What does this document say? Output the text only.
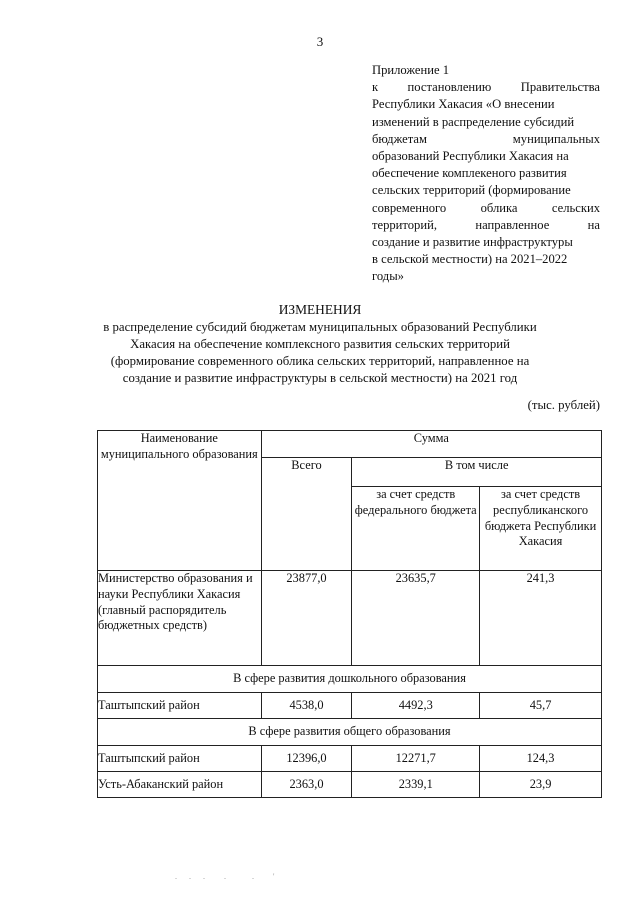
3
Приложение 1
к постановлению Правительства
Республики Хакасия «О внесении
изменений в распределение субсидий
бюджетам муниципальных
образований Республики Хакасия на
обеспечение комплекеного развития
сельских территорий (формирование
современного облика сельских
территорий, направленное на
создание и развитие инфраструктуры
в сельской местности) на 2021–2022
годы»
ИЗМЕНЕНИЯ
в распределение субсидий бюджетам муниципальных образований Республики
Хакасия на обеспечение комплексного развития сельских территорий
(формирование современного облика сельских территорий, направленное на
создание и развитие инфраструктуры в сельской местности) на 2021 год
(тыс. рублей)
Наименование муниципального образования	Сумма		
	Всего	В том числе	
		за счет средств федерального бюджета	за счет средств республиканского бюджета Республики Хакасия
Министерство образования и науки Республики Хакасия (главный распорядитель бюджетных средств)	23877,0	23635,7	241,3
В сфере развития дошкольного образования			
Таштыпский район	4538,0	4492,3	45,7
В сфере развития общего образования			
Таштыпский район	12396,0	12271,7	124,3
Усть-Абаканский район	2363,0	2339,1	23,9
. . .  .   .  '
